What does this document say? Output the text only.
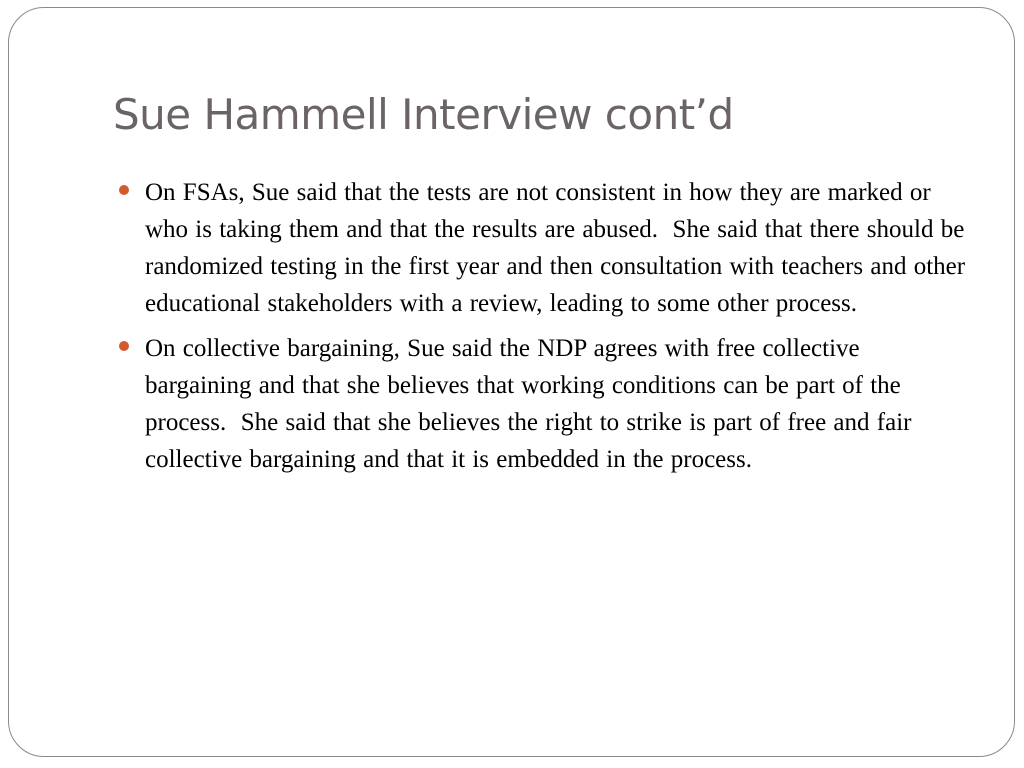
Sue Hammell Interview cont’d
On FSAs, Sue said that the tests are not consistent in how they are marked or who is taking them and that the results are abused.  She said that there should be randomized testing in the first year and then consultation with teachers and other educational stakeholders with a review, leading to some other process.
On collective bargaining, Sue said the NDP agrees with free collective bargaining and that she believes that working conditions can be part of the process.  She said that she believes the right to strike is part of free and fair collective bargaining and that it is embedded in the process.
